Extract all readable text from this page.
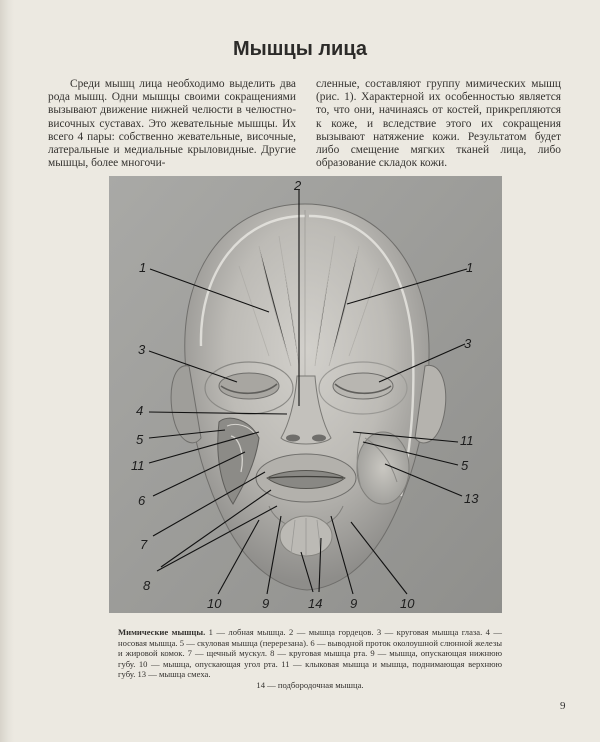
Мышцы лица
Среди мышц лица необходимо выделить два рода мышц. Одни мышцы своими сокращениями вызывают движение нижней челюсти в челюстно-височных суставах. Это жевательные мышцы. Их всего 4 пары: собственно жевательные, височные, латеральные и медиальные крыловидные. Другие мышцы, более многочи-
сленные, составляют группу мимических мышц (рис. 1). Характерной их особенностью является то, что они, начинаясь от костей, прикрепляются к коже, и вследствие этого их сокращения вызывают натяжение кожи. Результатом будет либо смещение мягких тканей лица, либо образование складок кожи.
1	1
2
3	3
4
5	11
11	5
6	13
7
8
10	9	14 9	10
Мимические мышцы. 1 — лобная мышца. 2 — мышца гордецов. 3 — круговая мышца глаза. 4 — носовая мышца. 5 — скуловая мышца (перерезана). 6 — выводной проток околоушной слюнной железы и жировой комок. 7 — щечный мускул. 8 — круговая мышца рта. 9 — мышца, опускающая нижнюю губу. 10 — мышца, опускающая угол рта. 11 — клыковая мышца и мышца, поднимающая верхнюю губу. 13 — мышца смеха.
14 — подбородочная мышца.
9
